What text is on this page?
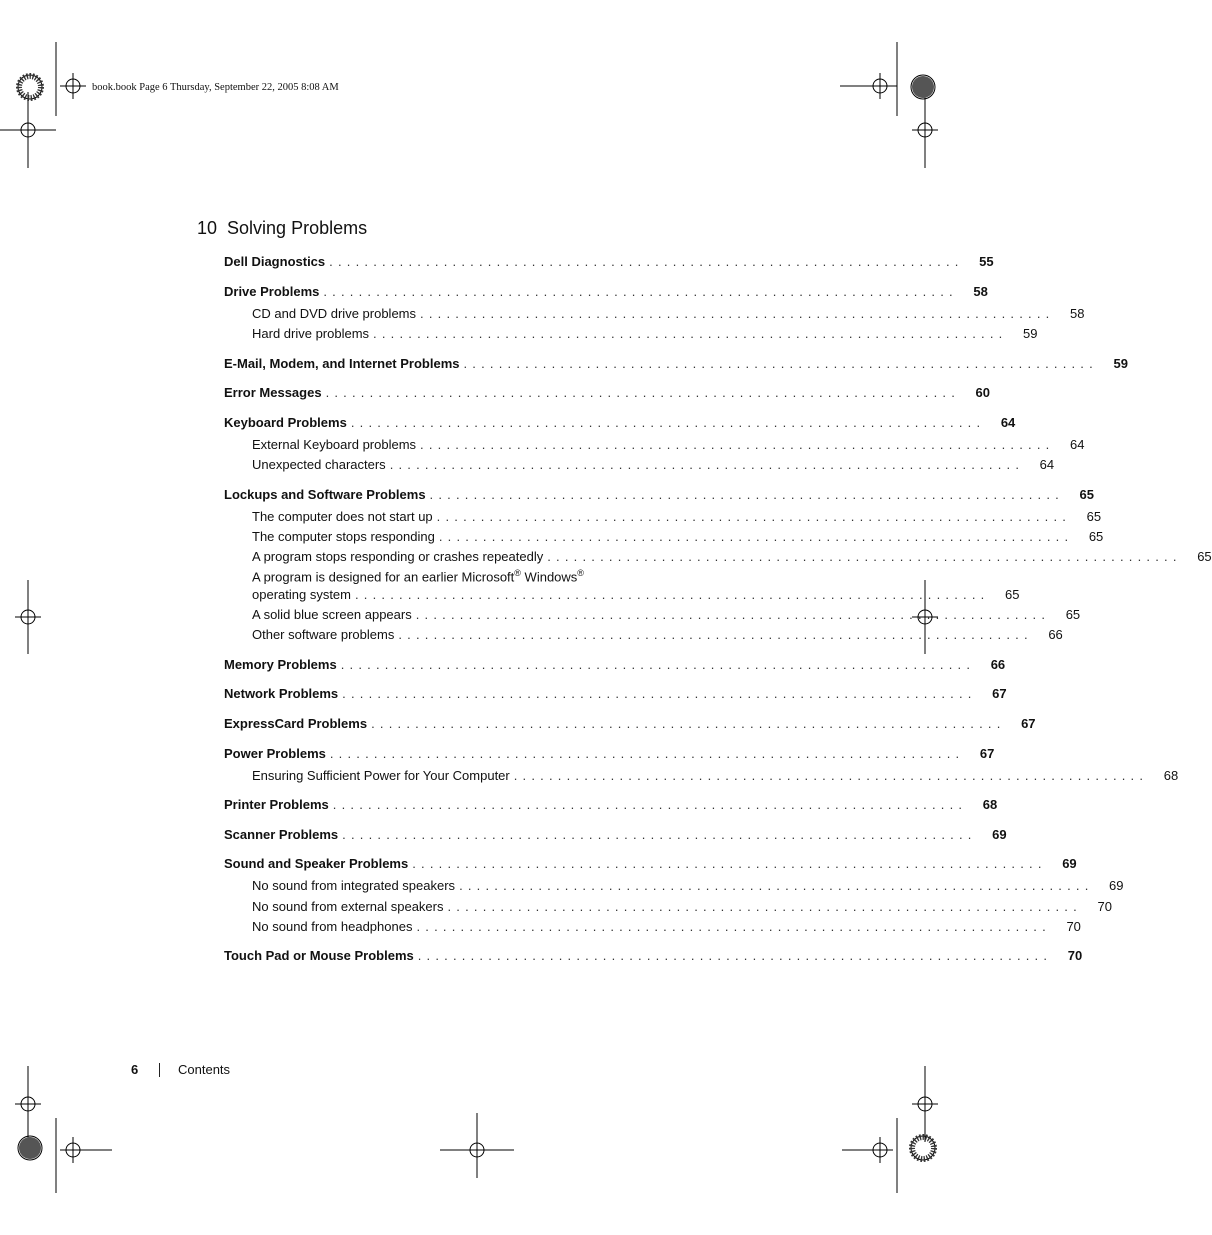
book.book Page 6 Thursday, September 22, 2005 8:08 AM
10 Solving Problems
Dell Diagnostics ........................................................................	55
Drive Problems ........................................................................	58
CD and DVD drive problems ........................................................................	58
Hard drive problems ........................................................................	59
E-Mail, Modem, and Internet Problems ........................................................................	59
Error Messages ........................................................................	60
Keyboard Problems ........................................................................	64
External Keyboard problems ........................................................................	64
Unexpected characters ........................................................................	64
Lockups and Software Problems ........................................................................	65
The computer does not start up ........................................................................	65
The computer stops responding ........................................................................	65
A program stops responding or crashes repeatedly ........................................................................	65
A program is designed for an earlier Microsoft® Windows®
operating system ........................................................................	65
A solid blue screen appears ........................................................................	65
Other software problems ........................................................................	66
Memory Problems ........................................................................	66
Network Problems ........................................................................	67
ExpressCard Problems ........................................................................	67
Power Problems ........................................................................	67
Ensuring Sufficient Power for Your Computer ........................................................................	68
Printer Problems ........................................................................	68
Scanner Problems ........................................................................	69
Sound and Speaker Problems ........................................................................	69
No sound from integrated speakers ........................................................................	69
No sound from external speakers ........................................................................	70
No sound from headphones ........................................................................	70
Touch Pad or Mouse Problems ........................................................................	70
6	Contents
